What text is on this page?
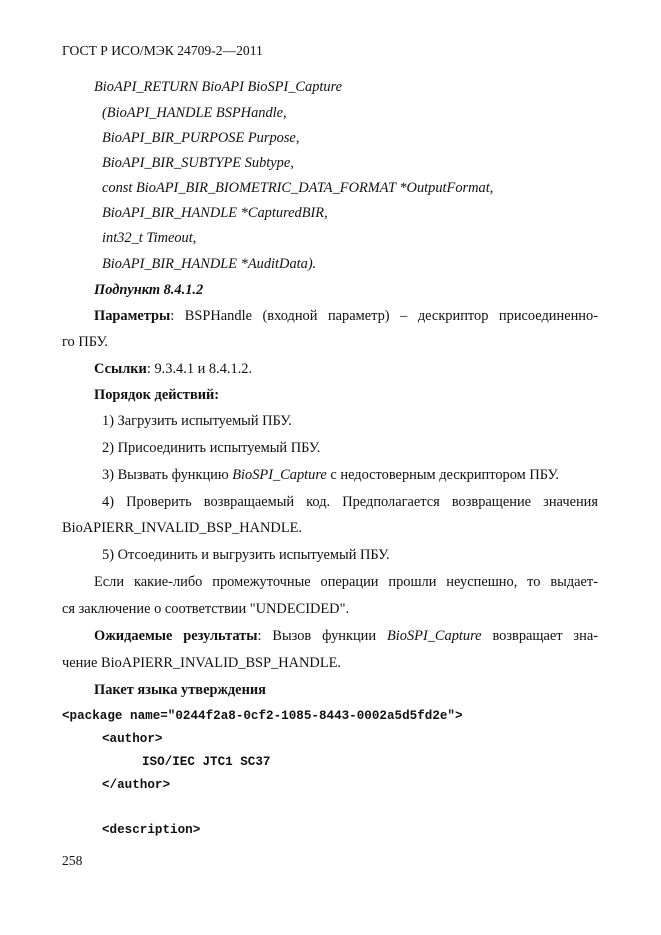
ГОСТ Р ИСО/МЭК 24709-2—2011
BioAPI_RETURN BioAPI BioSPI_Capture
(BioAPI_HANDLE BSPHandle,
BioAPI_BIR_PURPOSE Purpose,
BioAPI_BIR_SUBTYPE Subtype,
const BioAPI_BIR_BIOMETRIC_DATA_FORMAT *OutputFormat,
BioAPI_BIR_HANDLE *CapturedBIR,
int32_t Timeout,
BioAPI_BIR_HANDLE *AuditData).
Подпункт 8.4.1.2
Параметры: BSPHandle (входной параметр) – дескриптор присоединенно-
го ПБУ.
Ссылки: 9.3.4.1 и 8.4.1.2.
Порядок действий:
1) Загрузить испытуемый ПБУ.
2) Присоединить испытуемый ПБУ.
3) Вызвать функцию BioSPI_Capture с недостоверным дескриптором ПБУ.
4) Проверить возвращаемый код. Предполагается возвращение значения
BioAPIERR_INVALID_BSP_HANDLE.
5) Отсоединить и выгрузить испытуемый ПБУ.
Если какие-либо промежуточные операции прошли неуспешно, то выдает-
ся заключение о соответствии "UNDECIDED".
Ожидаемые результаты: Вызов функции BioSPI_Capture возвращает зна-
чение BioAPIERR_INVALID_BSP_HANDLE.
Пакет языка утверждения
<package name="0244f2a8-0cf2-1085-8443-0002a5d5fd2e">
<author>
ISO/IEC JTC1 SC37
</author>
<description>
258
